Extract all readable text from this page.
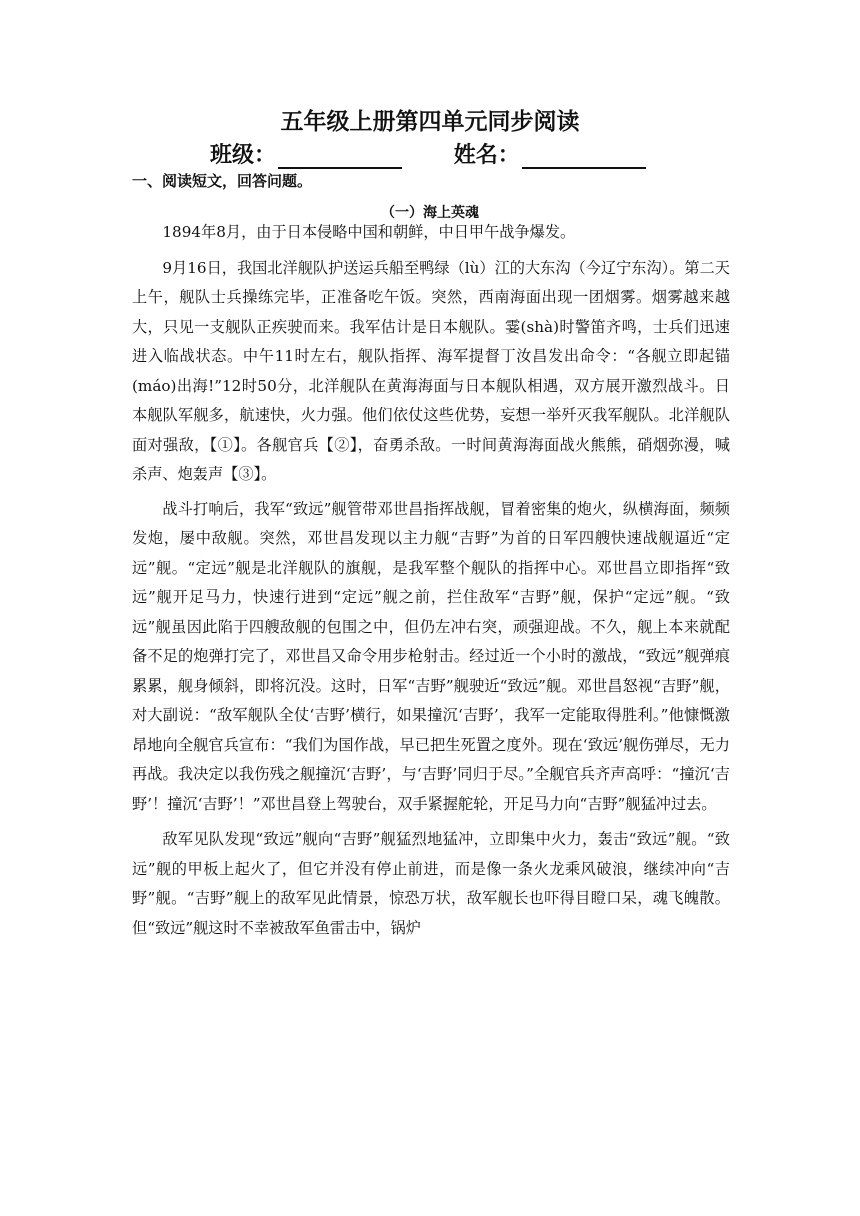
五年级上册第四单元同步阅读
班级：	姓名：
一、阅读短文，回答问题。
（一）海上英魂

1894年8月，由于日本侵略中国和朝鲜，中日甲午战争爆发。

9月16日，我国北洋舰队护送运兵船至鸭绿（lù）江的大东沟（今辽宁东沟）。第二天上午，舰队士兵操练完毕，正准备吃午饭。突然，西南海面出现一团烟雾。烟雾越来越大，只见一支舰队正疾驶而来。我军估计是日本舰队。霎(shà)时警笛齐鸣，士兵们迅速进入临战状态。中午11时左右，舰队指挥、海军提督丁汝昌发出命令：“各舰立即起锚(máo)出海!”12时50分，北洋舰队在黄海海面与日本舰队相遇，双方展开激烈战斗。日本舰队军舰多，航速快，火力强。他们依仗这些优势，妄想一举歼灭我军舰队。北洋舰队面对强敌，【①】。各舰官兵【②】，奋勇杀敌。一时间黄海海面战火熊熊，硝烟弥漫，喊杀声、炮轰声【③】。

战斗打响后，我军“致远”舰管带邓世昌指挥战舰，冒着密集的炮火，纵横海面，频频发炮，屡中敌舰。突然，邓世昌发现以主力舰“吉野”为首的日军四艘快速战舰逼近“定远”舰。“定远”舰是北洋舰队的旗舰，是我军整个舰队的指挥中心。邓世昌立即指挥“致远”舰开足马力，快速行进到“定远”舰之前，拦住敌军“吉野”舰，保护“定远”舰。“致远”舰虽因此陷于四艘敌舰的包围之中，但仍左冲右突，顽强迎战。不久，舰上本来就配备不足的炮弹打完了，邓世昌又命令用步枪射击。经过近一个小时的激战，“致远”舰弹痕累累，舰身倾斜，即将沉没。这时，日军“吉野”舰驶近“致远”舰。邓世昌怒视“吉野”舰，对大副说：“敌军舰队全仗‘吉野’横行，如果撞沉‘吉野’，我军一定能取得胜利。”他慷慨激昂地向全舰官兵宣布：“我们为国作战，早已把生死置之度外。现在‘致远’舰伤弹尽，无力再战。我决定以我伤残之舰撞沉‘吉野’，与‘吉野’同归于尽。”全舰官兵齐声高呼：“撞沉‘吉野’！撞沉‘吉野’！”邓世昌登上驾驶台，双手紧握舵轮，开足马力向“吉野”舰猛冲过去。

敌军见队发现“致远”舰向“吉野”舰猛烈地猛冲，立即集中火力，轰击“致远”舰。“致远”舰的甲板上起火了，但它并没有停止前进，而是像一条火龙乘风破浪，继续冲向“吉野”舰。“吉野”舰上的敌军见此情景，惊恐万状，敌军舰长也吓得目瞪口呆，魂飞魄散。但“致远”舰这时不幸被敌军鱼雷击中，锅炉
